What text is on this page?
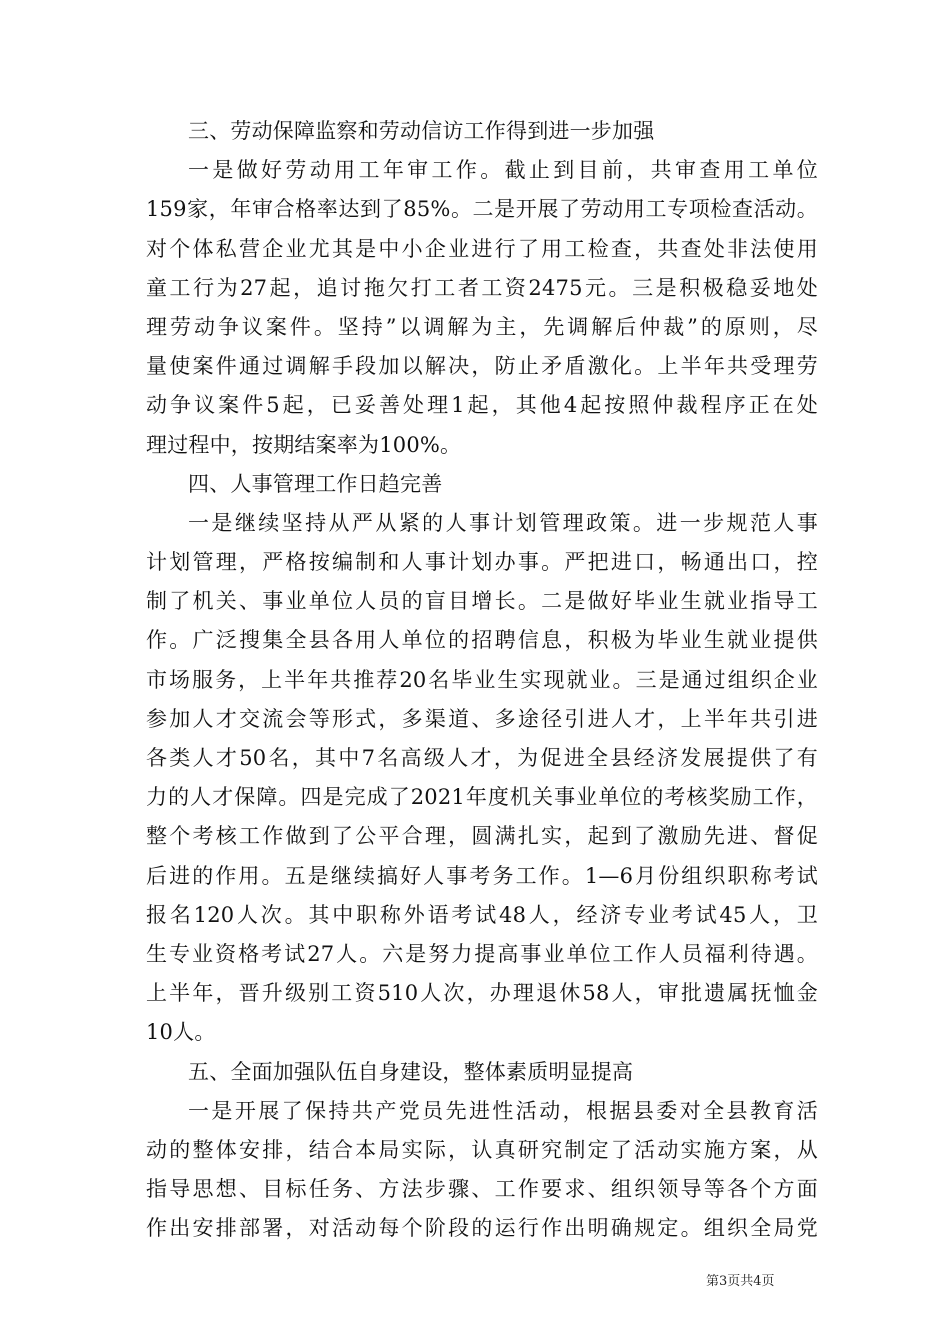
三、劳动保障监察和劳动信访工作得到进一步加强
一是做好劳动用工年审工作。截止到目前，共审查用工单位
159家，年审合格率达到了85%。二是开展了劳动用工专项检查活动。
对个体私营企业尤其是中小企业进行了用工检查，共查处非法使用
童工行为27起，追讨拖欠打工者工资2475元。三是积极稳妥地处
理劳动争议案件。坚持”以调解为主，先调解后仲裁”的原则，尽
量使案件通过调解手段加以解决，防止矛盾激化。上半年共受理劳
动争议案件5起，已妥善处理1起，其他4起按照仲裁程序正在处
理过程中，按期结案率为100%。
四、人事管理工作日趋完善
一是继续坚持从严从紧的人事计划管理政策。进一步规范人事
计划管理，严格按编制和人事计划办事。严把进口，畅通出口，控
制了机关、事业单位人员的盲目增长。二是做好毕业生就业指导工
作。广泛搜集全县各用人单位的招聘信息，积极为毕业生就业提供
市场服务，上半年共推荐20名毕业生实现就业。三是通过组织企业
参加人才交流会等形式，多渠道、多途径引进人才，上半年共引进
各类人才50名，其中7名高级人才，为促进全县经济发展提供了有
力的人才保障。四是完成了2021年度机关事业单位的考核奖励工作，
整个考核工作做到了公平合理，圆满扎实，起到了激励先进、督促
后进的作用。五是继续搞好人事考务工作。1—6月份组织职称考试
报名120人次。其中职称外语考试48人，经济专业考试45人，卫
生专业资格考试27人。六是努力提高事业单位工作人员福利待遇。
上半年，晋升级别工资510人次，办理退休58人，审批遗属抚恤金
10人。
五、全面加强队伍自身建设，整体素质明显提高
一是开展了保持共产党员先进性活动，根据县委对全县教育活
动的整体安排，结合本局实际，认真研究制定了活动实施方案，从
指导思想、目标任务、方法步骤、工作要求、组织领导等各个方面
作出安排部署，对活动每个阶段的运行作出明确规定。组织全局党
第3页共4页
